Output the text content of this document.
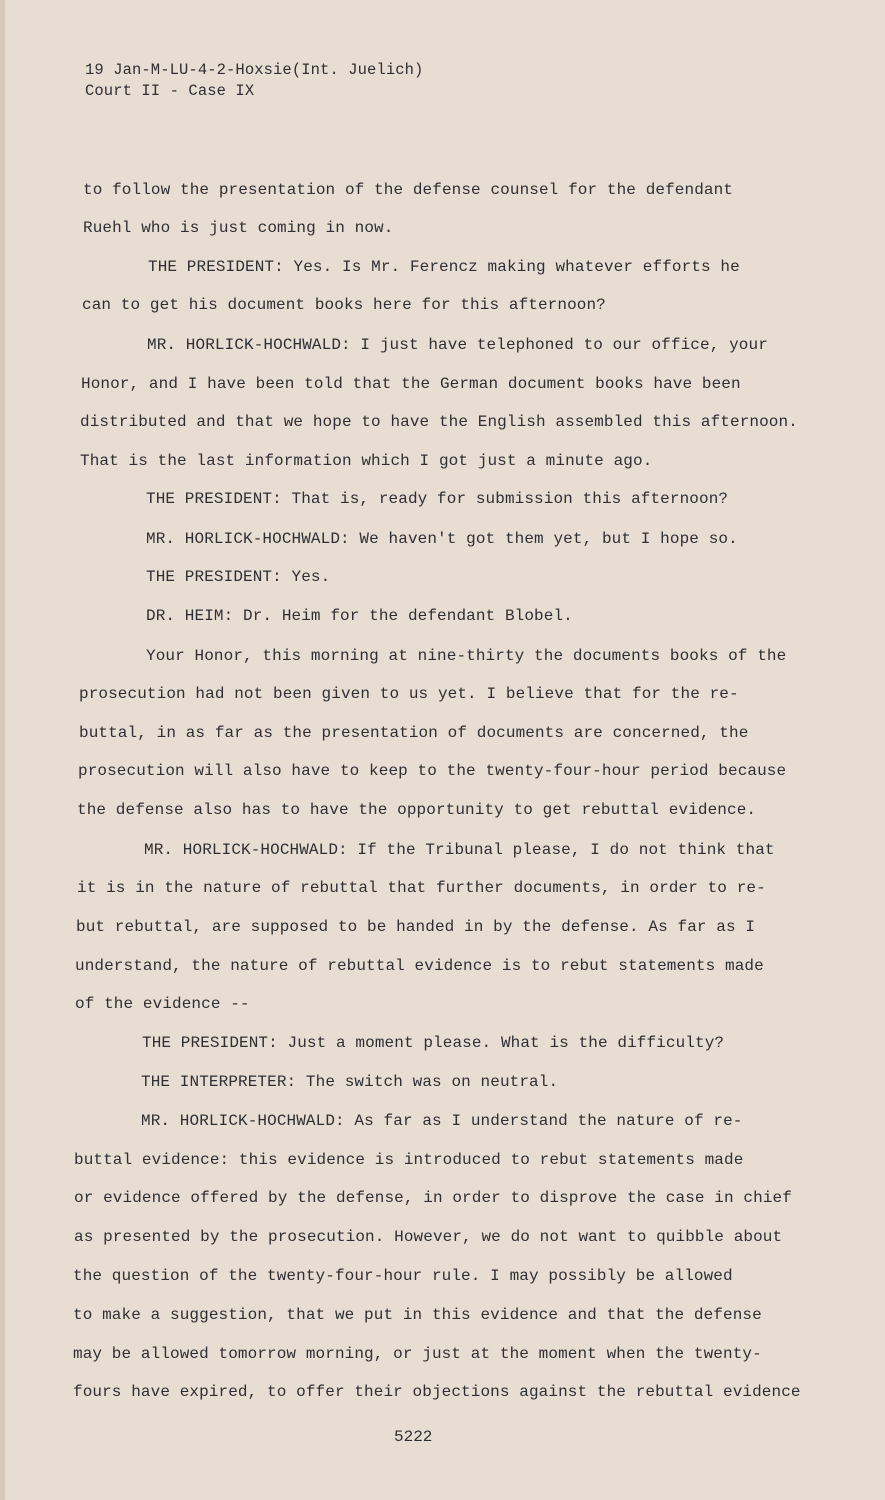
19 Jan-M-LU-4-2-Hoxsie(Int. Juelich)
Court II - Case IX
to follow the presentation of the defense counsel for the defendant
Ruehl who is just coming in now.
THE PRESIDENT: Yes. Is Mr. Ferencz making whatever efforts he
can to get his document books here for this afternoon?
MR. HORLICK-HOCHWALD: I just have telephoned to our office, your
Honor, and I have been told that the German document books have been
distributed and that we hope to have the English assembled this afternoon.
That is the last information which I got just a minute ago.
THE PRESIDENT: That is, ready for submission this afternoon?
MR. HORLICK-HOCHWALD: We haven't got them yet, but I hope so.
THE PRESIDENT: Yes.
DR. HEIM: Dr. Heim for the defendant Blobel.
Your Honor, this morning at nine-thirty the documents books of the
prosecution had not been given to us yet. I believe that for the re-
buttal, in as far as the presentation of documents are concerned, the
prosecution will also have to keep to the twenty-four-hour period because
the defense also has to have the opportunity to get rebuttal evidence.
MR. HORLICK-HOCHWALD: If the Tribunal please, I do not think that
it is in the nature of rebuttal that further documents, in order to re-
but rebuttal, are supposed to be handed in by the defense. As far as I
understand, the nature of rebuttal evidence is to rebut statements made
of the evidence --
THE PRESIDENT: Just a moment please. What is the difficulty?
THE INTERPRETER: The switch was on neutral.
MR. HORLICK-HOCHWALD: As far as I understand the nature of re-
buttal evidence: this evidence is introduced to rebut statements made
or evidence offered by the defense, in order to disprove the case in chief
as presented by the prosecution. However, we do not want to quibble about
the question of the twenty-four-hour rule. I may possibly be allowed
to make a suggestion, that we put in this evidence and that the defense
may be allowed tomorrow morning, or just at the moment when the twenty-
fours have expired, to offer their objections against the rebuttal evidence
5222
